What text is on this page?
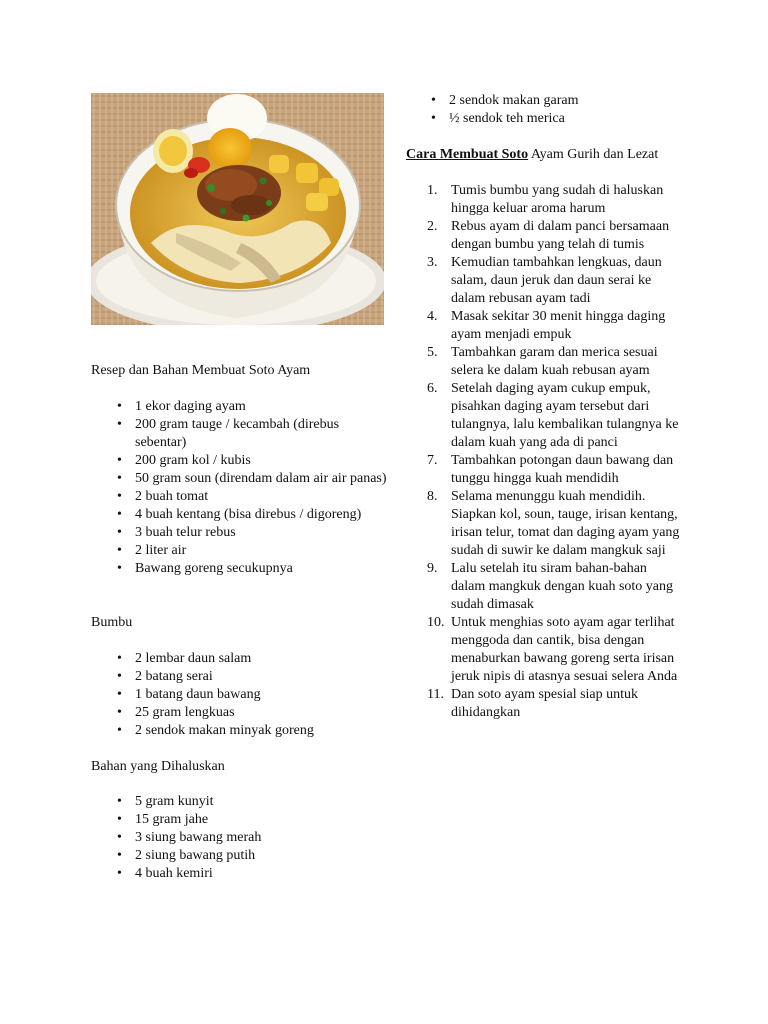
Resep dan Bahan Membuat Soto Ayam
• 1 ekor daging ayam
• 200 gram tauge / kecambah (direbus sebentar)
• 200 gram kol / kubis
• 50 gram soun (direndam dalam air air panas)
• 2 buah tomat
• 4 buah kentang (bisa direbus / digoreng)
• 3 buah telur rebus
• 2 liter air
• Bawang goreng secukupnya
Bumbu
• 2 lembar daun salam
• 2 batang serai
• 1 batang daun bawang
• 25 gram lengkuas
• 2 sendok makan minyak goreng
Bahan yang Dihaluskan
• 5 gram kunyit
• 15 gram jahe
• 3 siung bawang merah
• 2 siung bawang putih
• 4 buah kemiri
• 2 sendok makan garam
• ½ sendok teh merica
Cara Membuat Soto Ayam Gurih dan Lezat
1. Tumis bumbu yang sudah di haluskan hingga keluar aroma harum
2. Rebus ayam di dalam panci bersamaan dengan bumbu yang telah di tumis
3. Kemudian tambahkan lengkuas, daun salam, daun jeruk dan daun serai ke dalam rebusan ayam tadi
4. Masak sekitar 30 menit hingga daging ayam menjadi empuk
5. Tambahkan garam dan merica sesuai selera ke dalam kuah rebusan ayam
6. Setelah daging ayam cukup empuk, pisahkan daging ayam tersebut dari tulangnya, lalu kembalikan tulangnya ke dalam kuah yang ada di panci
7. Tambahkan potongan daun bawang dan tunggu hingga kuah mendidih
8. Selama menunggu kuah mendidih. Siapkan kol, soun, tauge, irisan kentang, irisan telur, tomat dan daging ayam yang sudah di suwir ke dalam mangkuk saji
9. Lalu setelah itu siram bahan-bahan dalam mangkuk dengan kuah soto yang sudah dimasak
10. Untuk menghias soto ayam agar terlihat menggoda dan cantik, bisa dengan menaburkan bawang goreng serta irisan jeruk nipis di atasnya sesuai selera Anda
11. Dan soto ayam spesial siap untuk dihidangkan
